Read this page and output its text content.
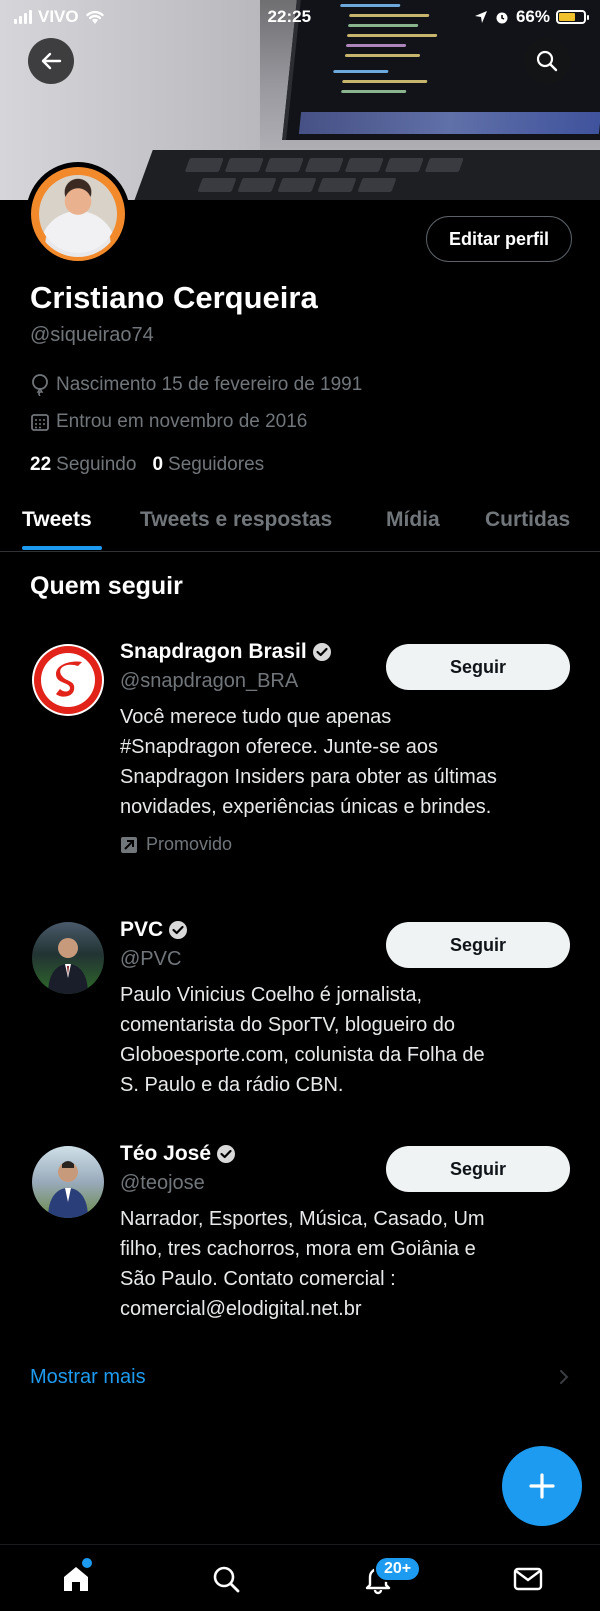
VIVO	22:25	66%
Editar perfil
Cristiano Cerqueira
@siqueirao74
Nascimento 15 de fevereiro de 1991
Entrou em novembro de 2016
22 Seguindo 0 Seguidores
Tweets Tweets e respostas	Mídia Curtidas
Quem seguir
Snapdragon Brasil
@snapdragon_BRA
Seguir
Você merece tudo que apenas
#Snapdragon oferece. Junte-se aos
Snapdragon Insiders para obter as últimas
novidades, experiências únicas e brindes.
Promovido
PVC
@PVC
Seguir
Paulo Vinicius Coelho é jornalista,
comentarista do SporTV, blogueiro do
Globoesporte.com, colunista da Folha de
S. Paulo e da rádio CBN.
Téo José
@teojose
Seguir
Narrador, Esportes, Música, Casado, Um
filho, tres cachorros, mora em Goiânia e
São Paulo. Contato comercial :
comercial@elodigital.net.br
Mostrar mais
20+
